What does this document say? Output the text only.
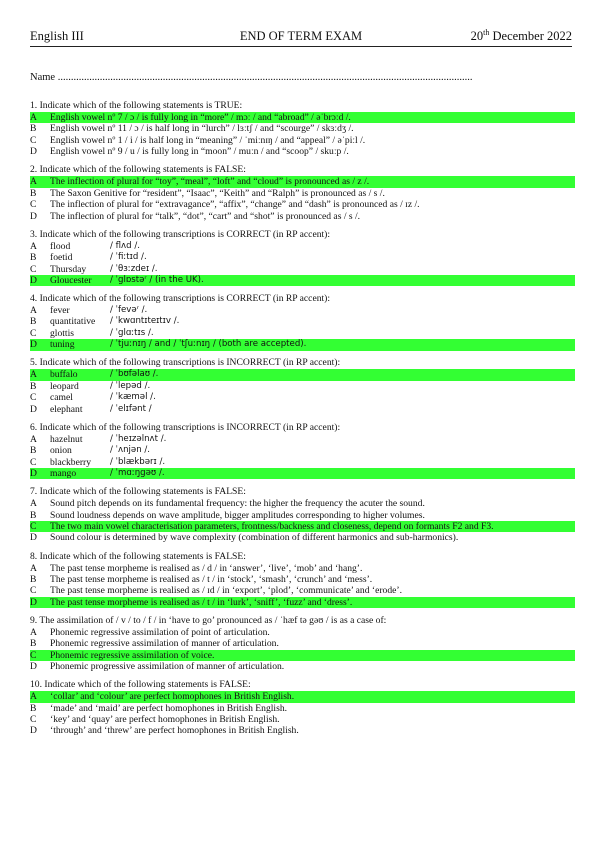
English III	END OF TERM EXAM	20th December 2022
Name ..............................................................................................................................................................
1. Indicate which of the following statements is TRUE:
A	English vowel nº 7 / ɔ / is fully long in “more” / mɔː / and “abroad” / əˈbrɔːd /.
B	English vowel nº 11 / ɔ / is half long in “lurch” / lɜːtʃ / and “scourge” / skɜːdʒ /.
C	English vowel nº 1 / i / is half long in “meaning” / ˈmiːnɪŋ / and “appeal” / əˈpiːl /.
D	English vowel nº 9 / u / is fully long in “moon” / muːn / and “scoop” / skuːp /.
2. Indicate which of the following statements is FALSE:
A	The inflection of plural for “toy”, “meal”, “loft” and “cloud” is pronounced as / z /.
B	The Saxon Genitive for “resident”, “Isaac”, “Keith” and “Ralph” is pronounced as / s /.
C	The inflection of plural for “extravagance”, “affix”, “change” and “dash” is pronounced as / ɪz /.
D	The inflection of plural for “talk”, “dot”, “cart” and “shot” is pronounced as / s /.
3. Indicate which of the following transcriptions is CORRECT (in RP accent):
A	flood	/ flʌd /.
B	foetid	/ ˈfiːtɪd /.
C	Thursday	/ ˈθɜːzdeɪ /.
D	Gloucester	/ ˈglɒstəʳ / (in the UK).
4. Indicate which of the following transcriptions is CORRECT (in RP accent):
A	fever	/ ˈfevəʳ /.
B	quantitative	/ ˈkwɑntɪteɪtɪv /.
C	glottis	/ ˈglɑːtɪs /.
D	tuning	/ ˈtjuːnɪŋ / and / ˈtʃuːnɪŋ / (both are accepted).
5. Indicate which of the following transcriptions is INCORRECT (in RP accent):
A	buffalo	/ ˈbʊfəlaʊ /.
B	leopard	/ ˈlepəd /.
C	camel	/ ˈkæməl /.
D	elephant	/ ˈelɪfənt /
6. Indicate which of the following transcriptions is INCORRECT (in RP accent):
A	hazelnut	/ ˈheɪzəlnʌt /.
B	onion	/ ˈʌnjən /.
C	blackberry	/ ˈblækbərɪ /.
D	mango	/ ˈmɑːŋgəʊ /.
7. Indicate which of the following statements is FALSE:
A	Sound pitch depends on its fundamental frequency: the higher the frequency the acuter the sound.
B	Sound loudness depends on wave amplitude, bigger amplitudes corresponding to higher volumes.
C	The two main vowel characterisation parameters, frontness/backness and closeness, depend on formants F2 and F3.
D	Sound colour is determined by wave complexity (combination of different harmonics and sub-harmonics).
8. Indicate which of the following statements is FALSE:
A	The past tense morpheme is realised as / d / in ‘answer’, ‘live’, ‘mob’ and ‘hang’.
B	The past tense morpheme is realised as / t / in ‘stock’, ‘smash’, ‘crunch’ and ‘mess’.
C	The past tense morpheme is realised as / ɪd / in ‘export’, ‘plod’, ‘communicate’ and ‘erode’.
D	The past tense morpheme is realised as / t / in ‘lurk’, ‘sniff’, ‘fuzz’ and ‘dress’.
9. The assimilation of / v / to / f / in ‘have to go’ pronounced as / ˈhæf tə gəʊ / is as a case of:
A	Phonemic regressive assimilation of point of articulation.
B	Phonemic regressive assimilation of manner of articulation.
C	Phonemic regressive assimilation of voice.
D	Phonemic progressive assimilation of manner of articulation.
10. Indicate which of the following statements is FALSE:
A	‘collar’ and ‘colour’ are perfect homophones in British English.
B	‘made’ and ‘maid’ are perfect homophones in British English.
C	‘key’ and ‘quay’ are perfect homophones in British English.
D	‘through’ and ‘threw’ are perfect homophones in British English.
